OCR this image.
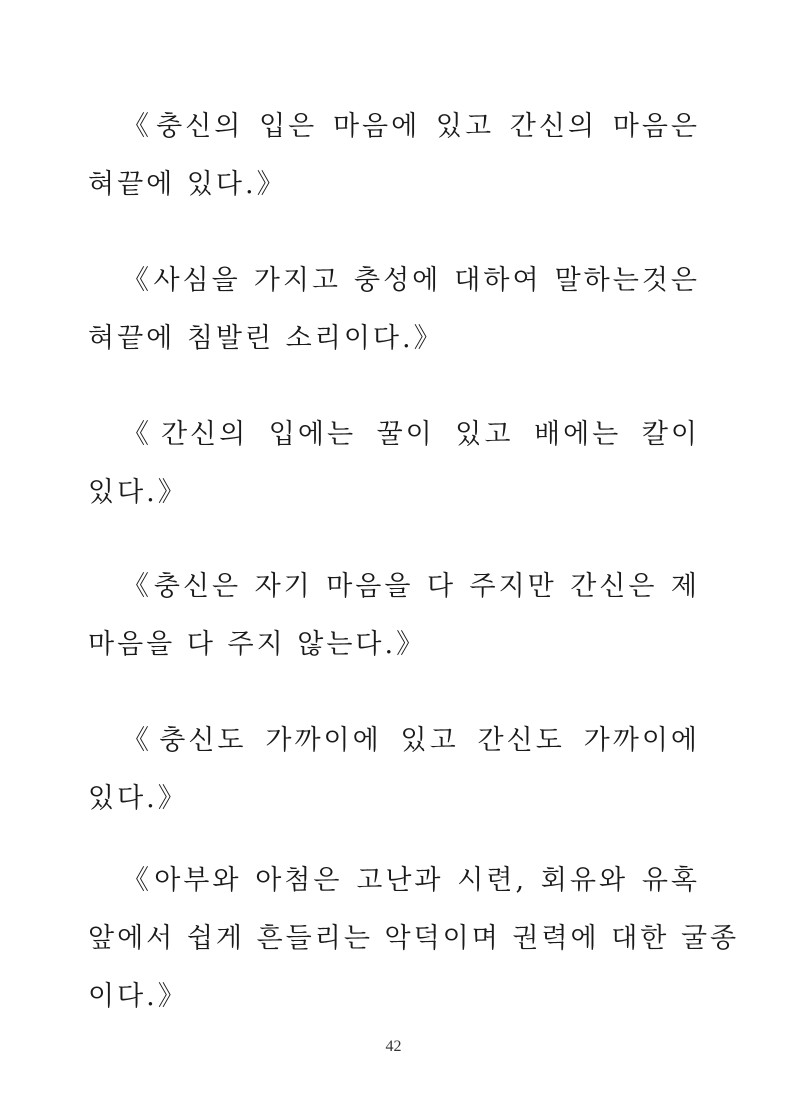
《충신의 입은 마음에 있고 간신의 마음은
혀끝에 있다.》
《사심을 가지고 충성에 대하여 말하는것은
혀끝에 침발린 소리이다.》
《간신의 입에는 꿀이 있고 배에는 칼이
있다.》
《충신은 자기 마음을 다 주지만 간신은 제
마음을 다 주지 않는다.》
《충신도 가까이에 있고 간신도 가까이에
있다.》
《아부와 아첨은 고난과 시련, 회유와 유혹
앞에서 쉽게 흔들리는 악덕이며 권력에 대한 굴종
이다.》
42
